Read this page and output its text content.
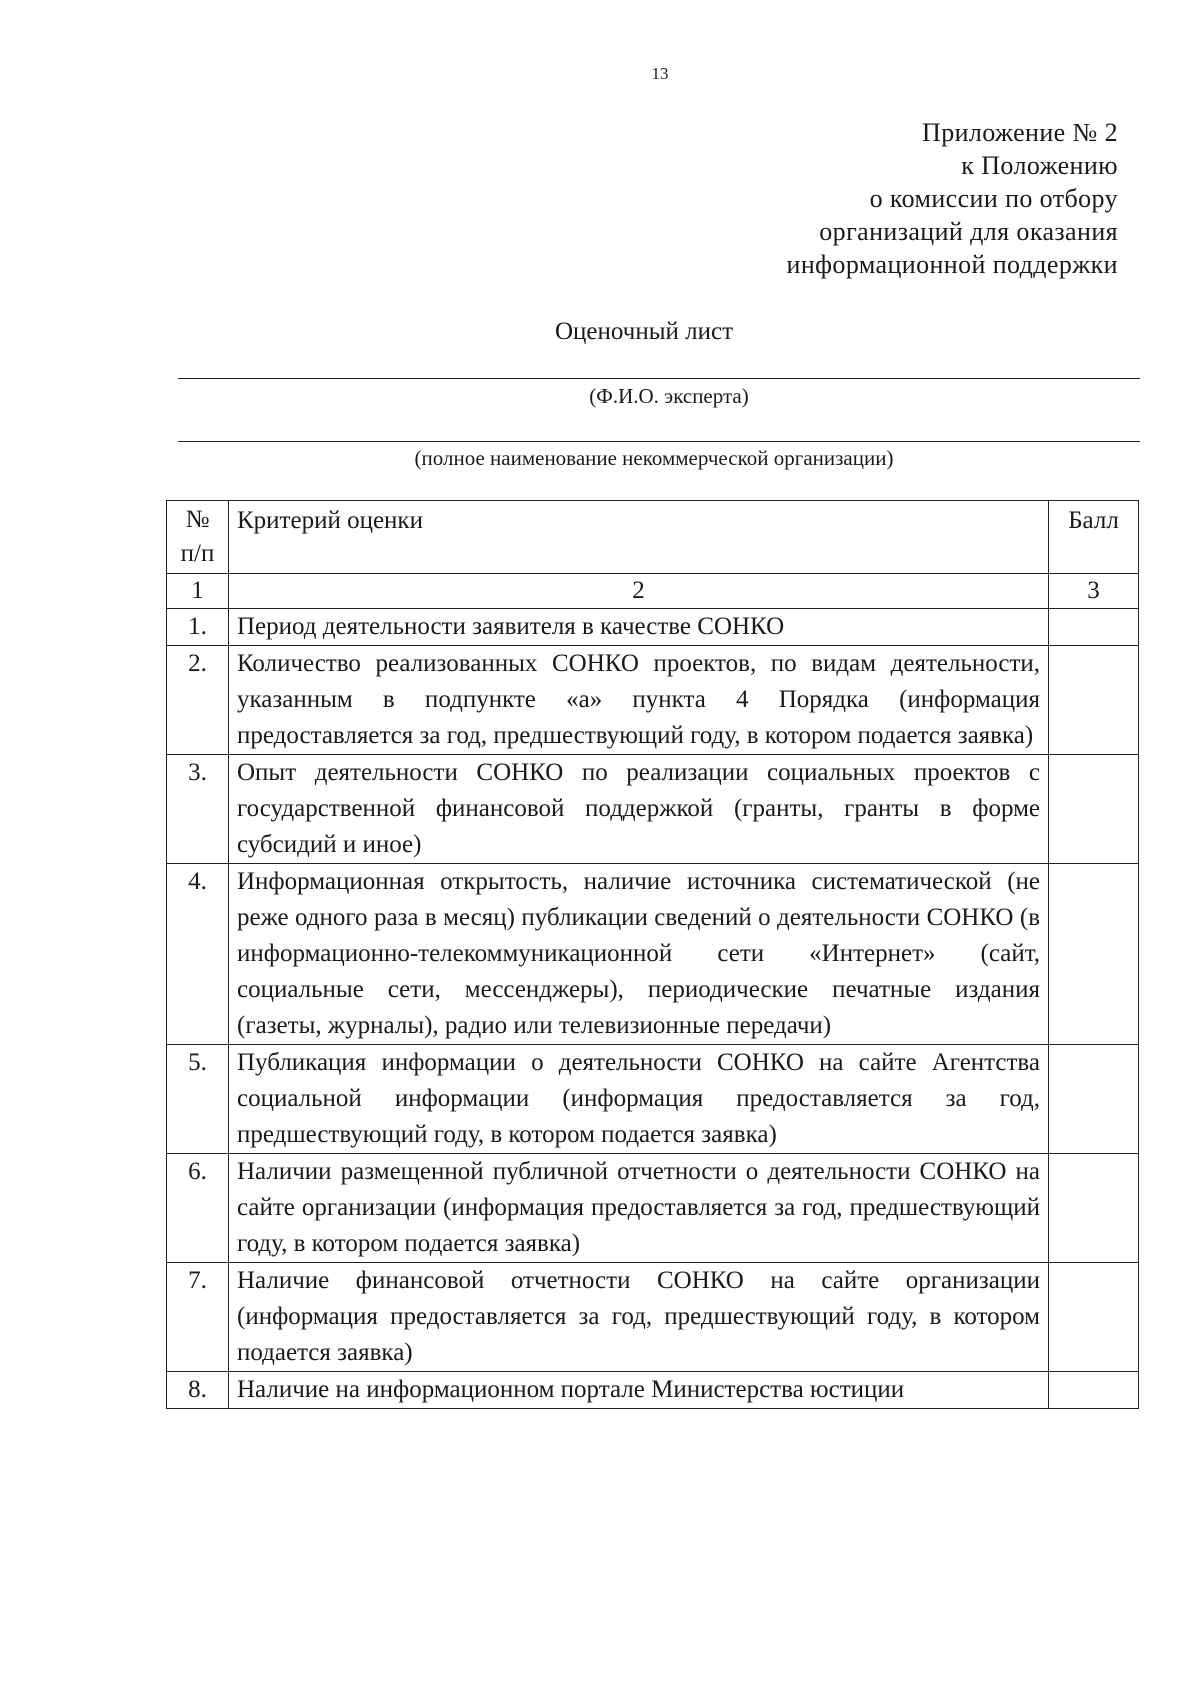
13
Приложение № 2
к Положению
о комиссии по отбору
организаций для оказания
информационной поддержки
Оценочный лист
(Ф.И.О. эксперта)
(полное наименование некоммерческой организации)
№ п/п	Критерий оценки	Балл
1	2	3
1.	Период деятельности заявителя в качестве СОНКО	
2.	Количество реализованных СОНКО проектов, по видам деятельности, указанным в подпункте «а» пункта 4 Порядка (информация предоставляется за год, предшествующий году, в котором подается заявка)	
3.	Опыт деятельности СОНКО по реализации социальных проектов с государственной финансовой поддержкой (гранты, гранты в форме субсидий и иное)	
4.	Информационная открытость, наличие источника систематической (не реже одного раза в месяц) публикации сведений о деятельности СОНКО (в информационно-телекоммуникационной сети «Интернет» (сайт, социальные сети, мессенджеры), периодические печатные издания (газеты, журналы), радио или телевизионные передачи)	
5.	Публикация информации о деятельности СОНКО на сайте Агентства социальной информации (информация предоставляется за год, предшествующий году, в котором подается заявка)	
6.	Наличии размещенной публичной отчетности о деятельности СОНКО на сайте организации (информация предоставляется за год, предшествующий году, в котором подается заявка)	
7.	Наличие финансовой отчетности СОНКО на сайте организации (информация предоставляется за год, предшествующий году, в котором подается заявка)	
8.	Наличие на информационном портале Министерства юстиции	
